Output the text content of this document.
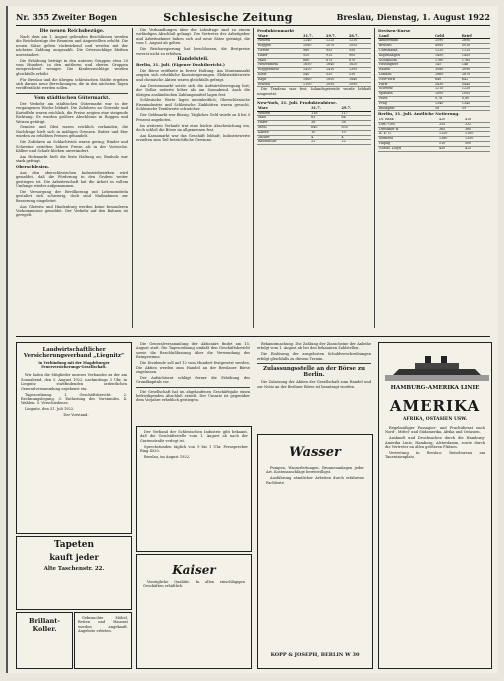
Nr. 355 Zweiter Bogen	Schlesische Zeitung	Breslau, Dienstag, 1. August 1922
Die neuen Reichsbezüge.

Nach dem am 1. August geltenden Beschlüssen werden die Reichsbezüge der Beamten und Angestellten erhöht. Die neuen Sätze gelten rückwirkend und werden mit der nächsten Zahlung ausgezahlt. Die Ortszuschläge bleiben unverändert.

Die Erhöhung beträgt in den unteren Gruppen etwa 20 vom Hundert, in den mittleren und oberen Gruppen entsprechend weniger. Die Kinderzuschläge werden gleichfalls erhöht.

Für Breslau und die übrigen schlesischen Städte ergeben sich daraus neue Berechnungen, die in den nächsten Tagen veröffentlicht werden sollen.

Vom städtischen Gütermarkt.

Der Verkehr am städtischen Gütermarkt war in der vergangenen Woche lebhaft. Die Zufuhren an Getreide und Kartoffeln waren reichlich, die Preise zeigten eine steigende Richtung. Es wurden größere Abschlüsse in Roggen und Weizen getätigt.

Gemüse und Obst waren reichlich vorhanden; die Nachfrage hielt sich in mäßigen Grenzen. Butter und Eier wurden zu erhöhten Preisen gehandelt.

Die Zufuhren an Schlachtvieh waren gering; Rinder und Schweine erzielten höhere Preise als in der Vorwoche. Kälber und Schafe blieben unverändert.

Am Holzmarkt hielt die feste Haltung an; Bauholz war stark gefragt.

Oberschlesien.

Aus den oberschlesischen Industriebezirken wird gemeldet, daß die Förderung in den Gruben weiter gestiegen ist. Die Arbeiterschaft hat die Arbeit in vollem Umfange wieder aufgenommen.

Die Versorgung der Bevölkerung mit Lebensmitteln gestaltet sich schwierig, doch sind Maßnahmen zur Besserung eingeleitet.

Aus Gleiwitz und Hindenburg werden keine besonderen Vorkommnisse gemeldet. Der Verkehr auf den Bahnen ist geregelt.

Die Verhandlungen über die Lohnfrage sind zu einem vorläufigen Abschluß gelangt. Die Vertreter der Arbeitgeber und Arbeitnehmer haben sich auf neue Sätze geeinigt, die vom 1. August ab gelten.

Die Reichsregierung hat beschlossen, die Brotpreise vorerst nicht zu erhöhen.

Handelsteil.
Berlin, 31. Juli. (Eigener Drahtbericht.)

Die Börse eröffnete in fester Haltung. Am Montanmarkt zeigten sich erhebliche Kurssteigerungen. Elektrizitätswerte und chemische Aktien waren gleichfalls gefragt.

Am Devisenmarkt setzte sich die Aufwärtsbewegung fort; der Dollar notierte höher als am Sonnabend. Auch die übrigen ausländischen Zahlungsmittel lagen fest.

Schlesische Werte lagen uneinheitlich; Oberschlesische Eisenindustrie und Schlesische Zinkhütten waren gesucht, Schlesische Textilwerte schwächer.

Der Geldmarkt war flüssig. Tägliches Geld wurde zu 4 bis 5 Prozent angeboten.

Im weiteren Verlaufe trat eine leichte Abschwächung ein, doch schloß die Börse im allgemeinen fest.

Am Kassamarkt war das Geschäft lebhaft; Industriewerte erzielten zum Teil beträchtliche Gewinne.

Produktenmarkt
Ware	31.7.	29.7.	28.7.
Weizen	1240	1225	1210
Roggen	1080	1070	1055
Gerste	960	955	950
Hafer	920	915	905
Mais	880	875	870
Weizenmehl	1650	1640	1620
Roggenmehl	1420	1410	1395
Kleie	540	535	530
Raps	1860	1850	1840
Erbsen	1100	1095	1090

Die Tendenz war fest. Inlandsgetreide wurde lebhaft umgesetzt.

New-York, 31. Juli. Produktenbörse.
Ware	31.7.	29.7.
Weizen	118	117
Mais	65	64
Hafer	36	36
Mehl	640	635
Kaffee	10	10
Zucker	4	4
Baumwolle	22	22
Devisen-Kurse
Land	Geld	Brief
Amsterdam	2590	2600
Brüssel	4985	5010
Christiania	1120	1125
Kopenhagen	1450	1455
Stockholm	1760	1765
Helsingfors	145	146
Italien	3080	3090
London	2860	2870
New-York	640	642
Paris	5430	5445
Schweiz	1215	1220
Spanien	1000	1005
Wien	0,78	0,80
Prag	1340	1345
Budapest	58	59
Berlin, 31. Juli. Amtliche Notierung.
Dt. Bank	420	418
Disc.-Ges.	335	332
Dresdner B.	365	360
A. E. G.	1120	1100
Siemens	1380	1350
Hapag	510	500
Nordd. Lloyd	430	425
Landwirtschaftlicher Versicherungsverband „Liegnitz“
in Verbindung mit der Magdeburger Feuerversicherungs-Gesellschaft.

Wir laden die Mitglieder unseres Verbandes zu der am Sonnabend, den 5. August 1922, nachmittags 3 Uhr, in Liegnitz stattfindenden ordentlichen Generalversammlung ergebenst ein.

Tagesordnung: 1. Geschäftsbericht. 2. Rechnungslegung. 3. Entlastung des Vorstandes. 4. Wahlen. 5. Verschiedenes.

Liegnitz, den 31. Juli 1922.

Der Vorstand.

Tapeten
kauft jeder
Alte Taschenstr. 22.
Brillant-Koller.

Gebrauchte Möbel, Betten und Hausrat werden angekauft. Angebote erbeten.

Die Generalversammlung der Aktionäre findet am 15. August statt. Die Tagesordnung umfaßt den Geschäftsbericht sowie die Beschlußfassung über die Verwendung des Reingewinns.

Die Dividende soll auf 12 vom Hundert festgesetzt werden. Die Aktien werden zum Handel an der Breslauer Börse zugelassen.

Der Aufsichtsrat schlägt ferner die Erhöhung des Grundkapitals vor.

Die Gesellschaft hat im abgelaufenen Geschäftsjahr einen befriedigenden Abschluß erzielt. Der Umsatz ist gegenüber dem Vorjahre erheblich gestiegen.

Der Verband der Schlesischen Industrie gibt bekannt, daß die Geschäftsstelle vom 1. August ab nach der Gartenstraße verlegt ist.

Sprechstunden täglich von 9 bis 1 Uhr. Fernsprecher Ring 4520.

Breslau, im August 1922.

Kaiser

Vorzügliche Qualität. In allen einschlägigen Geschäften erhältlich.

Bekanntmachung. Die Zahlung der Zinsscheine der Anleihe erfolgt vom 1. August ab bei den bekannten Zahlstellen.

Die Einlösung der ausgelosten Schuldverschreibungen erfolgt gleichfalls zu diesem Termin.

Zulassungsstelle an der Börse zu Berlin.

Die Zulassung der Aktien der Gesellschaft zum Handel und zur Notiz an der Berliner Börse ist beantragt worden.

Wasser

Pumpen, Wasserleitungen, Brunnenanlagen jeder Art. Kostenanschläge bereitwilligst.

Ausführung sämtlicher Arbeiten durch erfahrene Fachleute.

KOPP & JOSEPH, BERLIN W 30
HAMBURG-AMERIKA LINIE
AMERIKA
AFRIKA, OSTASIEN USW.

Regelmäßiger Passagier- und Frachtdienst nach Nord-, Mittel- und Südamerika, Afrika und Ostasien.

Auskunft und Drucksachen durch die Hamburg-Amerika Linie, Hamburg, Alsterdamm, sowie durch die Vertreter an allen größeren Plätzen.

Vertretung in Breslau: Reisebureau am Tauentzienplatz.
